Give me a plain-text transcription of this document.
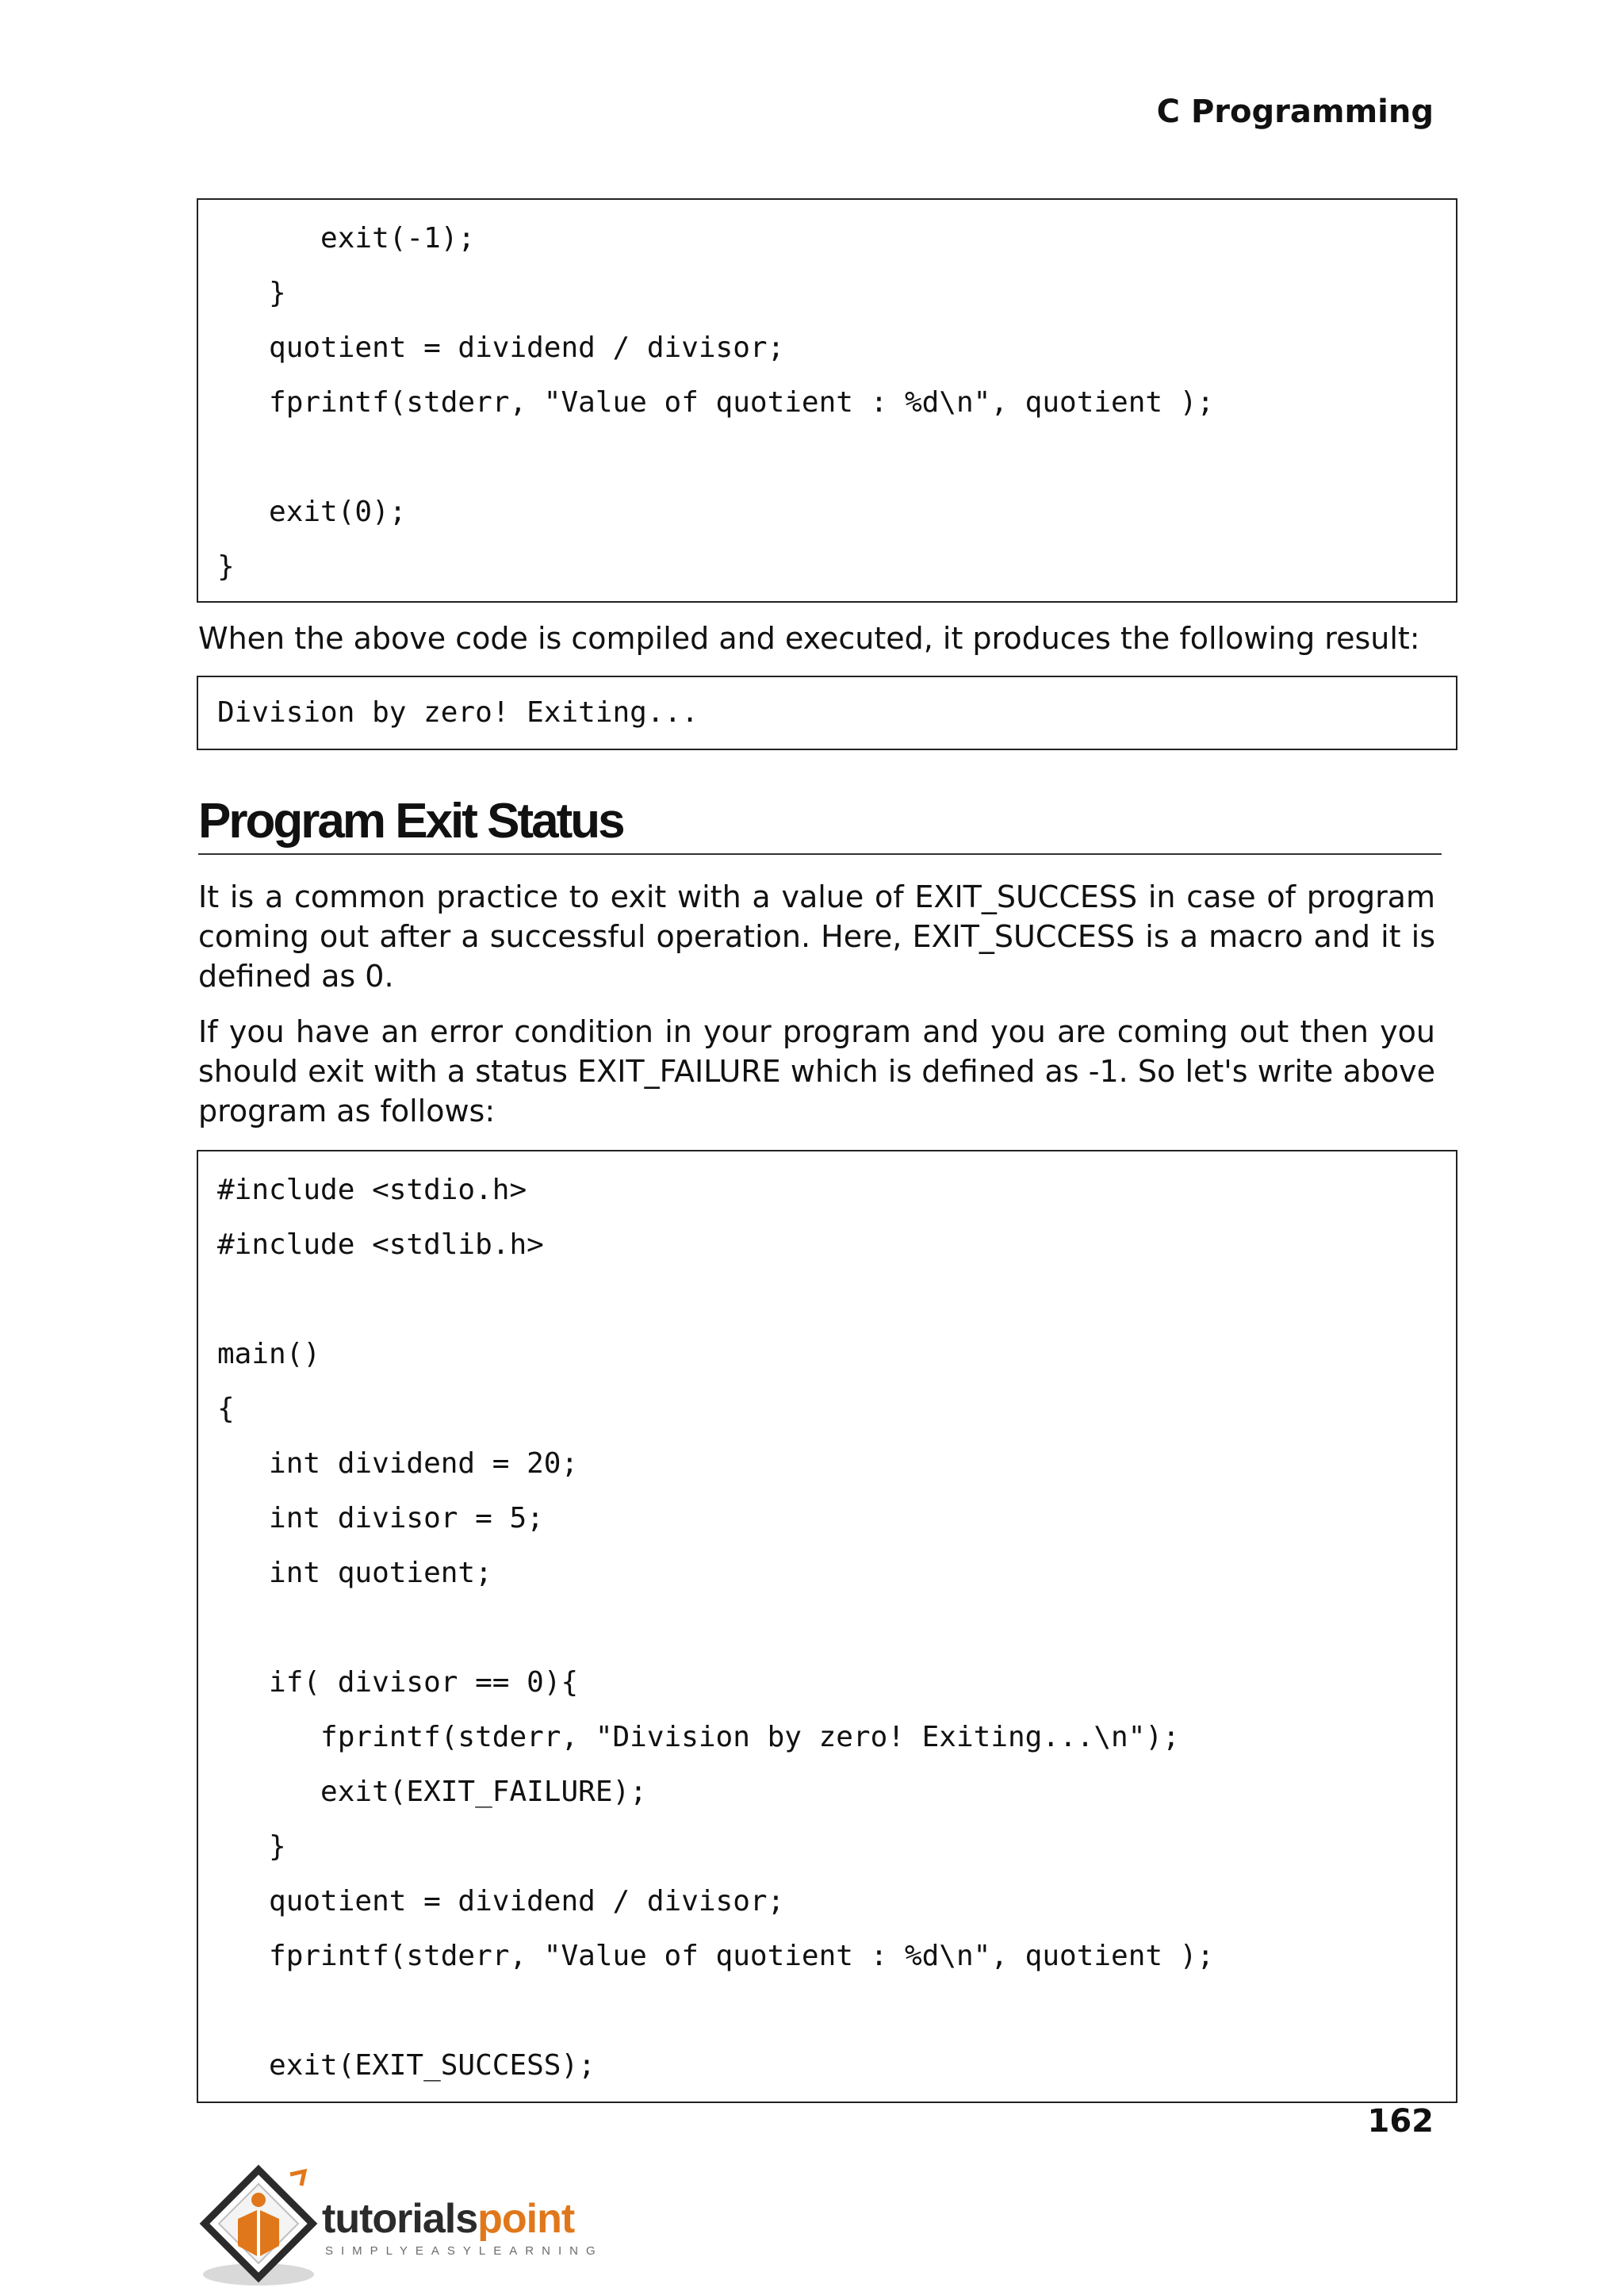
C Programming
exit(-1);
}
quotient = dividend / divisor;
fprintf(stderr, "Value of quotient : %d\n", quotient );
exit(0);
}
When the above code is compiled and executed, it produces the following result:
Division by zero! Exiting...
Program Exit Status
It is a common practice to exit with a value of EXIT_SUCCESS in case of program coming out after a successful operation. Here, EXIT_SUCCESS is a macro and it is defined as 0.
If you have an error condition in your program and you are coming out then you should exit with a status EXIT_FAILURE which is defined as -1. So let's write above program as follows:
#include <stdio.h>
#include <stdlib.h>
main()
{
int dividend = 20;
int divisor = 5;
int quotient;
if( divisor == 0){
fprintf(stderr, "Division by zero! Exiting...\n");
exit(EXIT_FAILURE);
}
quotient = dividend / divisor;
fprintf(stderr, "Value of quotient : %d\n", quotient );
exit(EXIT_SUCCESS);
162
tutorialspoint
SIMPLYEASYLEARNING
